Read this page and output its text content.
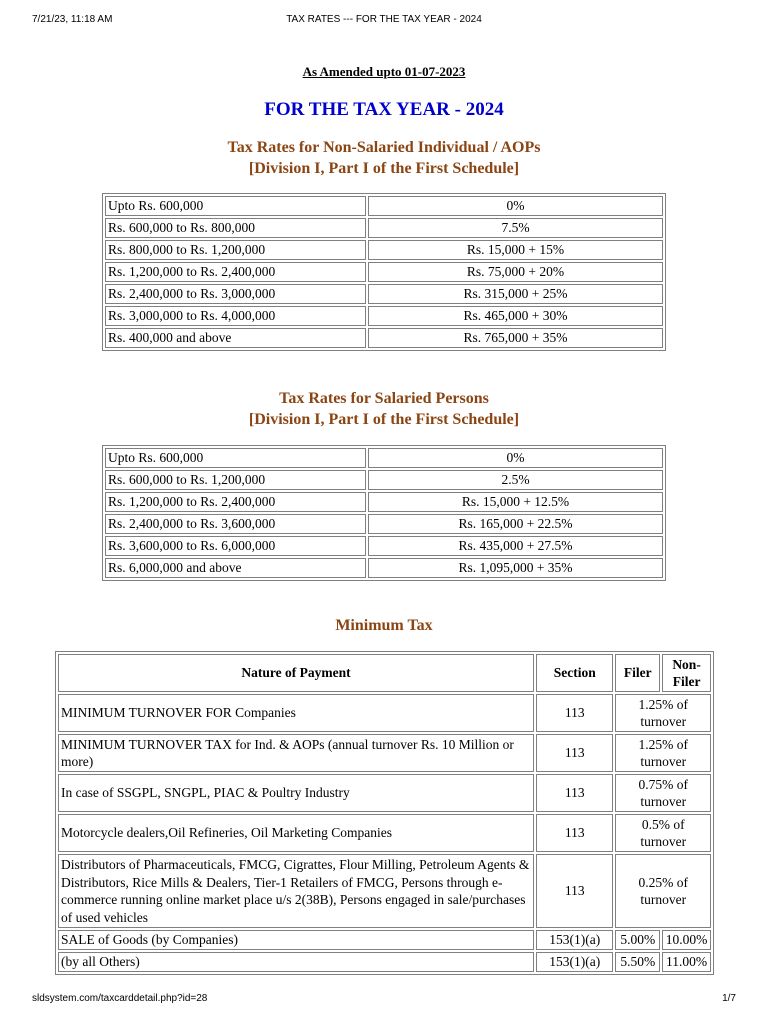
7/21/23, 11:18 AM	TAX RATES --- FOR THE TAX YEAR - 2024
As Amended upto 01-07-2023
FOR THE TAX YEAR - 2024
Tax Rates for Non-Salaried Individual / AOPs
[Division I, Part I of the First Schedule]
Upto Rs. 600,000	0%
Rs. 600,000 to Rs. 800,000	7.5%
Rs. 800,000 to Rs. 1,200,000	Rs. 15,000 + 15%
Rs. 1,200,000 to Rs. 2,400,000	Rs. 75,000 + 20%
Rs. 2,400,000 to Rs. 3,000,000	Rs. 315,000 + 25%
Rs. 3,000,000 to Rs. 4,000,000	Rs. 465,000 + 30%
Rs. 400,000 and above	Rs. 765,000 + 35%
Tax Rates for Salaried Persons
[Division I, Part I of the First Schedule]
Upto Rs. 600,000	0%
Rs. 600,000 to Rs. 1,200,000	2.5%
Rs. 1,200,000 to Rs. 2,400,000	Rs. 15,000 + 12.5%
Rs. 2,400,000 to Rs. 3,600,000	Rs. 165,000 + 22.5%
Rs. 3,600,000 to Rs. 6,000,000	Rs. 435,000 + 27.5%
Rs. 6,000,000 and above	Rs. 1,095,000 + 35%
Minimum Tax
Nature of Payment	Section	Filer	Non-Filer
MINIMUM TURNOVER FOR Companies	113	1.25% of turnover	
MINIMUM TURNOVER TAX for Ind. & AOPs (annual turnover Rs. 10 Million or more)	113	1.25% of turnover	
In case of SSGPL, SNGPL, PIAC & Poultry Industry	113	0.75% of turnover	
Motorcycle dealers,Oil Refineries, Oil Marketing Companies	113	0.5% of turnover	
Distributors of Pharmaceuticals, FMCG, Cigrattes, Flour Milling, Petroleum Agents & Distributors, Rice Mills & Dealers, Tier-1 Retailers of FMCG, Persons through e-commerce running online market place u/s 2(38B), Persons engaged in sale/purchases of used vehicles	113	0.25% of turnover	
SALE of Goods (by Companies)	153(1)(a)	5.00%	10.00%
(by all Others)	153(1)(a)	5.50%	11.00%
sldsystem.com/taxcarddetail.php?id=28	1/7
